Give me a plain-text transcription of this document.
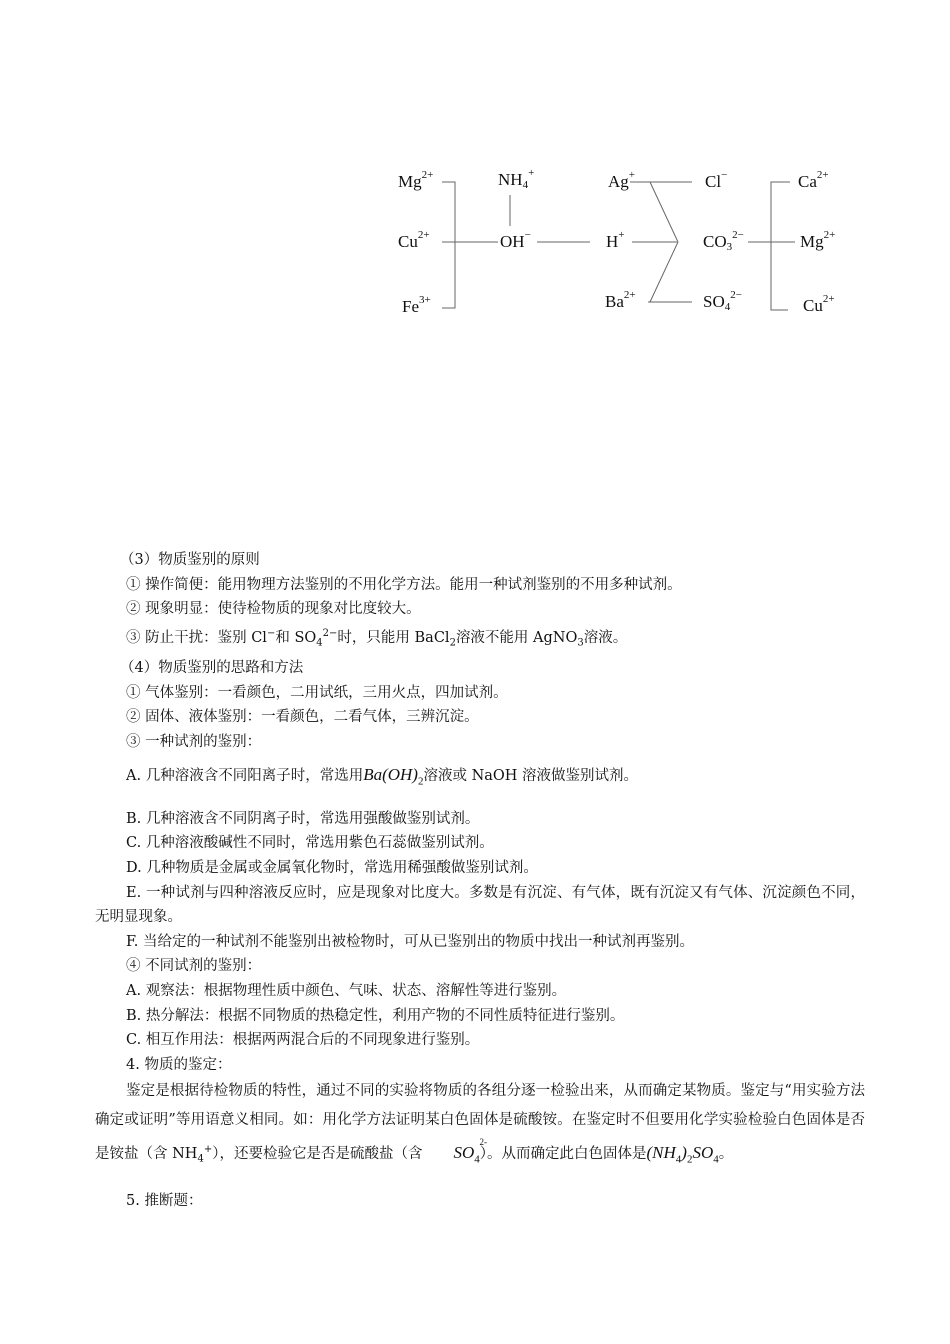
$Mg^{2+}$
$Cu^{2+}$
$Fe^{3+}$
$NH_4^+$
OH−
Ag+
H+
$Ba^{2+}$
Cl−
$CO_3^{2-}$
$SO_4^{2-}$
$Ca^{2+}$
$Mg^{2+}$
$Cu^{2+}$

（3）物质鉴别的原则

① 操作简便：能用物理方法鉴别的不用化学方法。能用一种试剂鉴别的不用多种试剂。

② 现象明显：使待检物质的现象对比度较大。

③ 防止干扰：鉴别 Cl−和 $SO_4^{2-}$时，只能用 BaCl$_2$溶液不能用 AgNO$_3$溶液。

（4）物质鉴别的思路和方法

① 气体鉴别：一看颜色，二用试纸，三用火点，四加试剂。

② 固体、液体鉴别：一看颜色，二看气体，三辨沉淀。

③ 一种试剂的鉴别：

A. 几种溶液含不同阳离子时，常选用$Ba(OH)_2$溶液或 NaOH 溶液做鉴别试剂。

B. 几种溶液含不同阴离子时，常选用强酸做鉴别试剂。

C. 几种溶液酸碱性不同时，常选用紫色石蕊做鉴别试剂。

D. 几种物质是金属或金属氧化物时，常选用稀强酸做鉴别试剂。

E. 一种试剂与四种溶液反应时，应是现象对比度大。多数是有沉淀、有气体，既有沉淀又有气体、沉淀颜色不同，无明显现象。

F. 当给定的一种试剂不能鉴别出被检物时，可从已鉴别出的物质中找出一种试剂再鉴别。

④ 不同试剂的鉴别：

A. 观察法：根据物理性质中颜色、气味、状态、溶解性等进行鉴别。

B. 热分解法：根据不同物质的热稳定性，利用产物的不同性质特征进行鉴别。

C. 相互作用法：根据两两混合后的不同现象进行鉴别。

4. 物质的鉴定：

鉴定是根据待检物质的特性，通过不同的实验将物质的各组分逐一检验出来，从而确定某物质。鉴定与“用实验方法确定或证明”等用语意义相同。如：用化学方法证明某白色固体是硫酸铵。在鉴定时不但要用化学实验检验白色固体是否是铵盐（含 $NH_4^+$），还要检验它是否是硫酸盐（含 $SO_4$
2-
）。从而确定此白色固体是$(NH_4)_2SO_4$。

5. 推断题：
